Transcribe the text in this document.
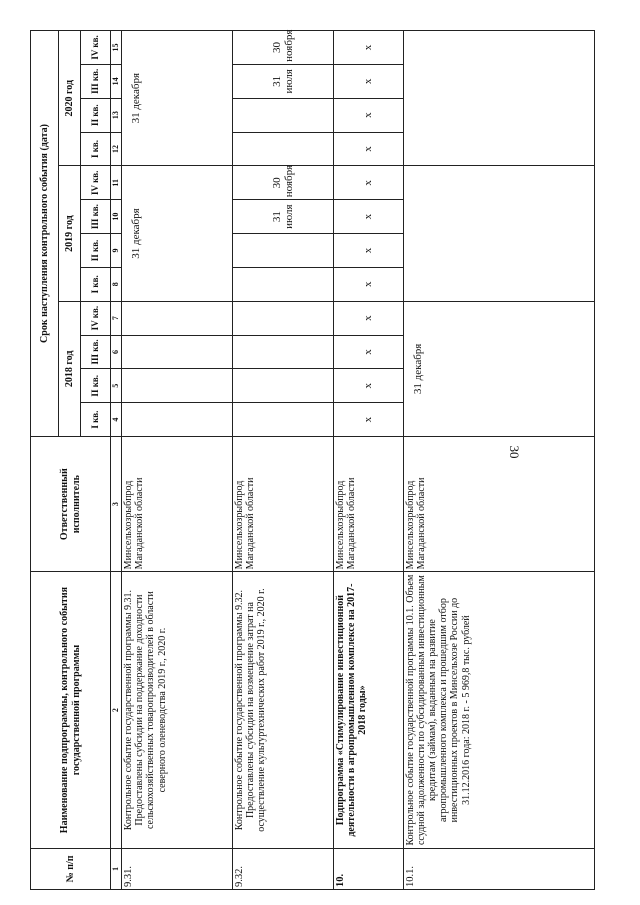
30
№ п/п	Наименование подпрограммы, контрольного события государственной программы	Ответственный исполнитель	Срок наступления контрольного события (дата)											
			2018 год				2019 год				2020 год			
			I кв.	II кв.	III кв.	IV кв.	I кв.	II кв.	III кв.	IV кв.	I кв.	II кв.	III кв.	IV кв.
1	2	3	4	5	6	7	8	9	10	11	12	13	14	15
9.31.	Контрольное событие государственной программы 9.31. Предоставлены субсидии на поддержание доходности сельскохозяйственных товаропроизводителей в области северного оленеводства 2019 г., 2020 г.	Минсельхозрыбпрод Магаданской области					31 декабря				31 декабря			
9.32.	Контрольное событие государственной программы 9.32. Предоставлены субсидии на возмещение затрат на осуществление культуртехнических работ 2019 г., 2020 г.	Минсельхозрыбпрод Магаданской области							31 июля	30 ноября			31 июля	30 ноября
10.	Подпрограмма «Стимулирование инвестиционной деятельности в агропромышленном комплексе на 2017-2018 годы»	Минсельхозрыбпрод Магаданской области	х	х	х	х	х	х	х	х	х	х	х	х
10.1.	Контрольное событие государственной программы 10.1. Объем ссудной задолженности по субсидированным инвестиционным кредитам (займам), выданным на развитие агропромышленного комплекса и прошедшим отбор инвестиционных проектов в Минсельхозе России до 31.12.2016 года: 2018 г. - 5 969,8 тыс. рублей	Минсельхозрыбпрод Магаданской области	31 декабря											
